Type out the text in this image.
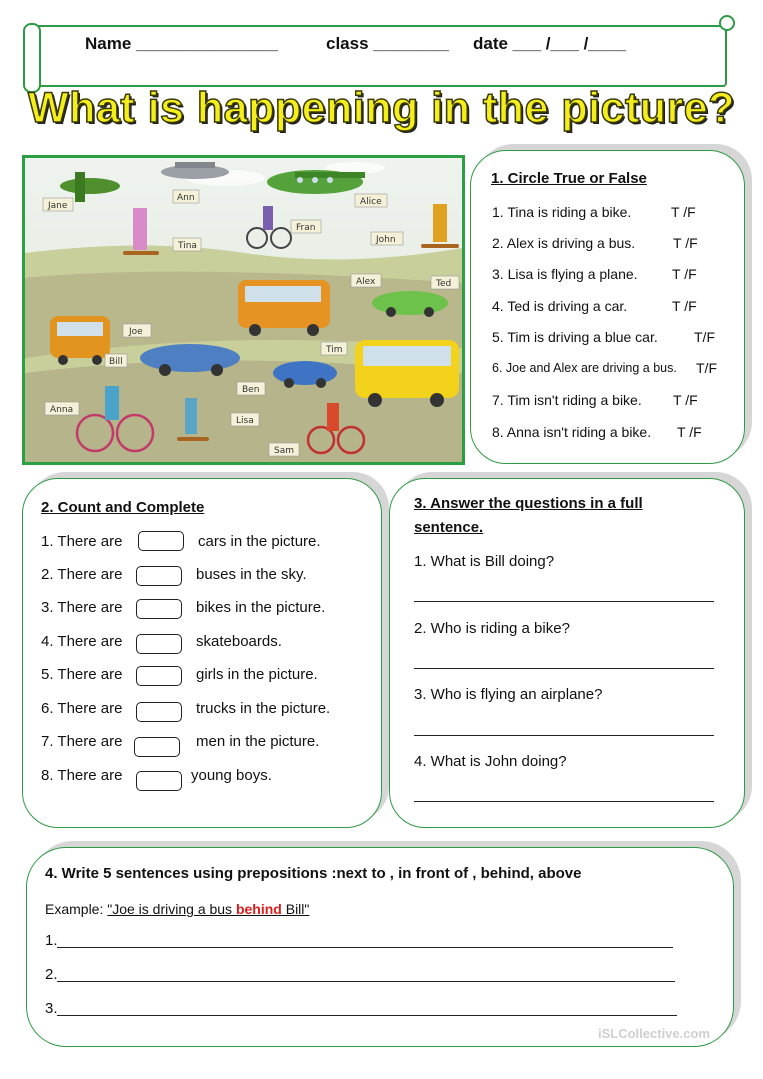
Name _______________	class ________ date ___ /___ /____
What is happening in the picture?
Jane
Ann	Alice
Tina
Fran
John
Joe
Alex	Ted
Bill
Tim
Ben
Anna
Lisa
Sam
1. Circle True or False
1. Tina is riding a bike.	T /F
2. Alex is driving a bus.	T /F
3. Lisa is flying a plane. T /F
4. Ted is driving a car.	T /F
5. Tim is driving a blue car.	T/F
6. Joe and Alex are driving a bus. T/F
7. Tim isn't riding a bike. T /F
8. Anna isn't riding a bike. T /F
2. Count and Complete
1. There are	cars in the picture.
2. There are	buses in the sky.
3. There are	bikes in the picture.
4. There are	skateboards.
5. There are	girls in the picture.
6. There are	trucks in the picture.
7. There are	men in the picture.
8. There are	young boys.
3. Answer the questions in a full
sentence.
1. What is Bill doing?
2. Who is riding a bike?
3. Who is flying an airplane?
4. What is John doing?
4. Write 5 sentences using prepositions :next to , in front of , behind, above
Example: "Joe is driving a bus behind Bill"
1.
2.
3.
iSLCollective.com
